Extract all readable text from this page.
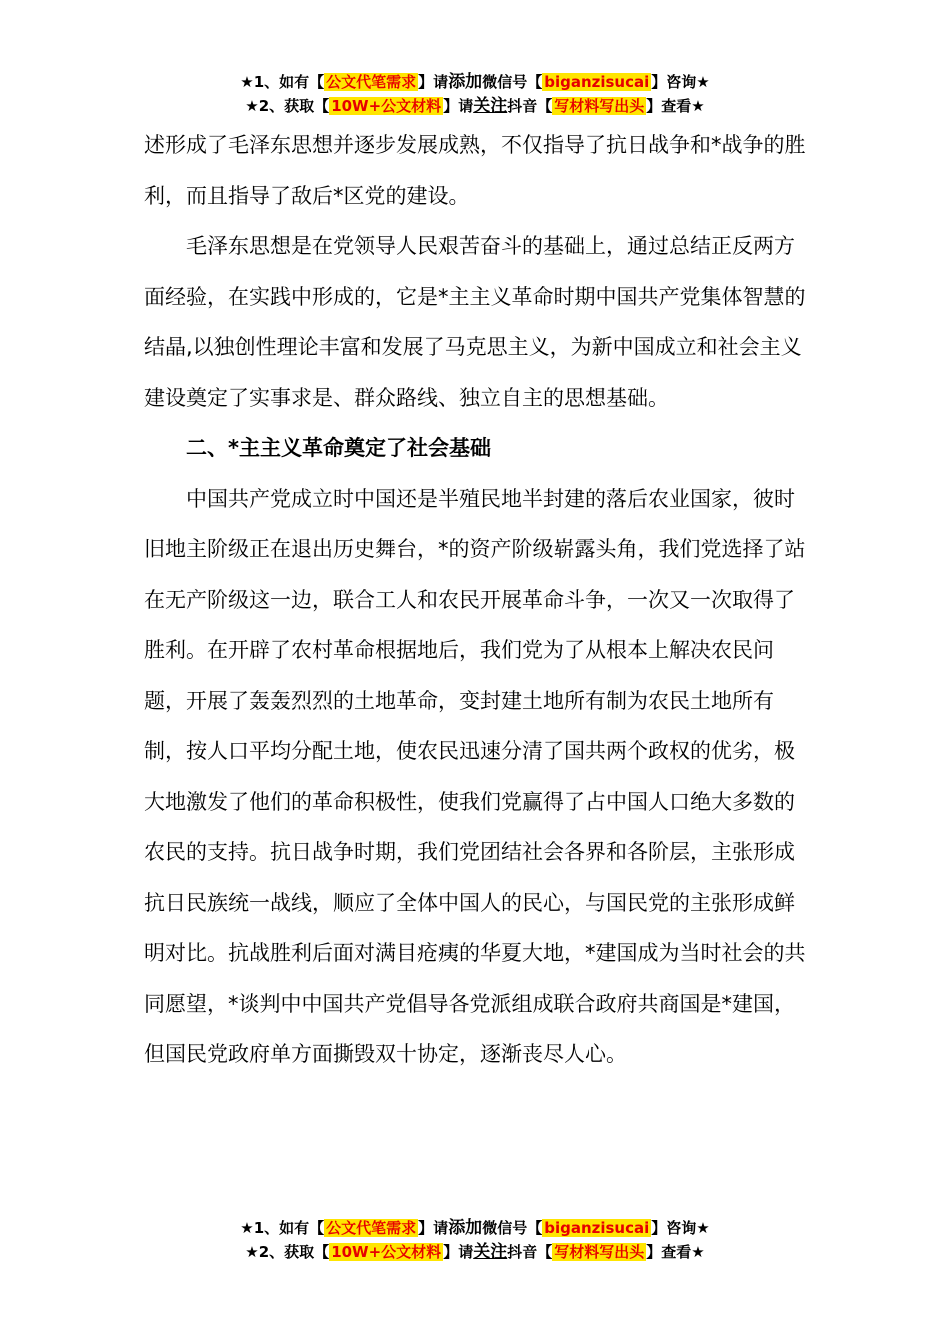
★1、如有【 公文代笔需求 】请添加微信号【 biganzisucai 】咨询★
★2、获取【 10W+公文材料 】请关注抖音【 写材料写出头 】查看★

述形成了毛泽东思想并逐步发展成熟，不仅指导了抗日战争和*战争的胜利，而且指导了敌后*区党的建设。

毛泽东思想是在党领导人民艰苦奋斗的基础上，通过总结正反两方面经验，在实践中形成的，它是*主主义革命时期中国共产党集体智慧的结晶,以独创性理论丰富和发展了马克思主义，为新中国成立和社会主义建设奠定了实事求是、群众路线、独立自主的思想基础。

二、*主主义革命奠定了社会基础

中国共产党成立时中国还是半殖民地半封建的落后农业国家，彼时旧地主阶级正在退出历史舞台，*的资产阶级崭露头角，我们党选择了站在无产阶级这一边，联合工人和农民开展革命斗争，一次又一次取得了胜利。在开辟了农村革命根据地后，我们党为了从根本上解决农民问题，开展了轰轰烈烈的土地革命，变封建土地所有制为农民土地所有制，按人口平均分配土地，使农民迅速分清了国共两个政权的优劣，极大地激发了他们的革命积极性，使我们党赢得了占中国人口绝大多数的农民的支持。抗日战争时期，我们党团结社会各界和各阶层，主张形成抗日民族统一战线，顺应了全体中国人的民心，与国民党的主张形成鲜明对比。抗战胜利后面对满目疮痍的华夏大地，*建国成为当时社会的共同愿望，*谈判中中国共产党倡导各党派组成联合政府共商国是*建国，但国民党政府单方面撕毁双十协定，逐渐丧尽人心。

★1、如有【 公文代笔需求 】请添加微信号【 biganzisucai 】咨询★
★2、获取【 10W+公文材料 】请关注抖音【 写材料写出头 】查看★
